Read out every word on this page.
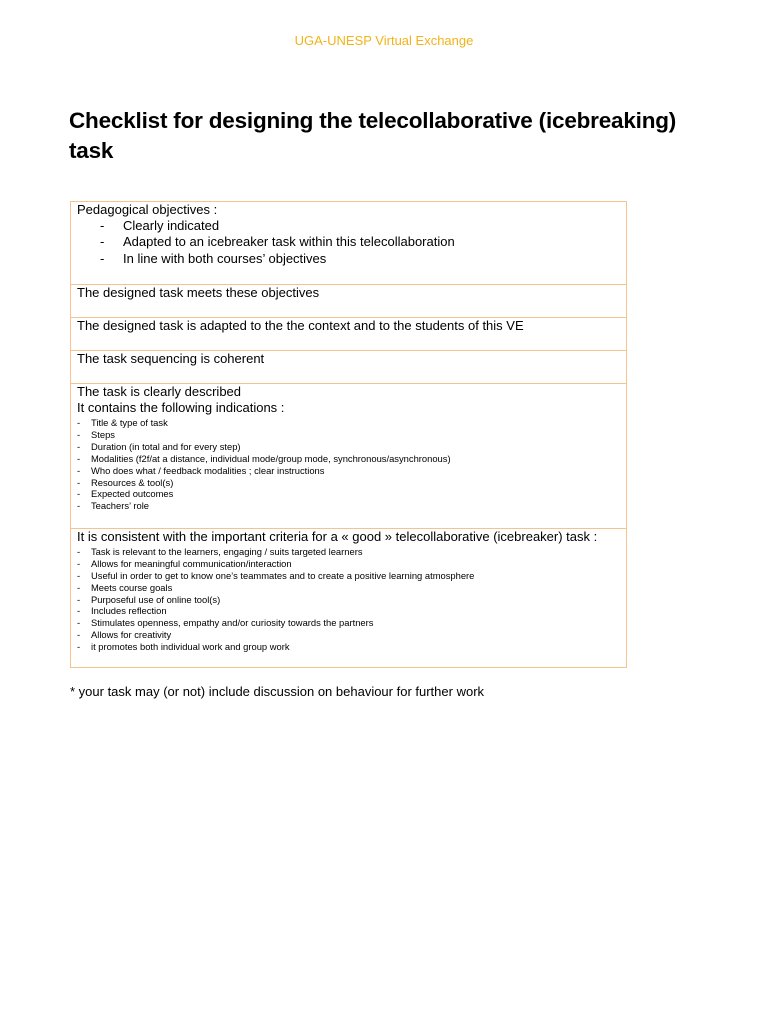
UGA-UNESP Virtual Exchange
Checklist for designing the telecollaborative (icebreaking) task
Pedagogical objectives :
- Clearly indicated
- Adapted to an icebreaker task within this telecollaboration
- In line with both courses’ objectives
The designed task meets these objectives
The designed task is adapted to the the context and to the students of this VE
The task sequencing is coherent
The task is clearly described
It contains the following indications :
- Title & type of task
- Steps
- Duration (in total and for every step)
- Modalities (f2f/at a distance, individual mode/group mode, synchronous/asynchronous)
- Who does what / feedback modalities ; clear instructions
- Resources & tool(s)
- Expected outcomes
- Teachers’ role
It is consistent with the important criteria for a « good » telecollaborative (icebreaker) task :
- Task is relevant to the learners, engaging / suits targeted learners
- Allows for meaningful communication/interaction
- Useful in order to get to know one’s teammates and to create a positive learning atmosphere
- Meets course goals
- Purposeful use of online tool(s)
- Includes reflection
- Stimulates openness, empathy and/or curiosity towards the partners
- Allows for creativity
- it promotes both individual work and group work
* your task may (or not) include discussion on behaviour for further work
